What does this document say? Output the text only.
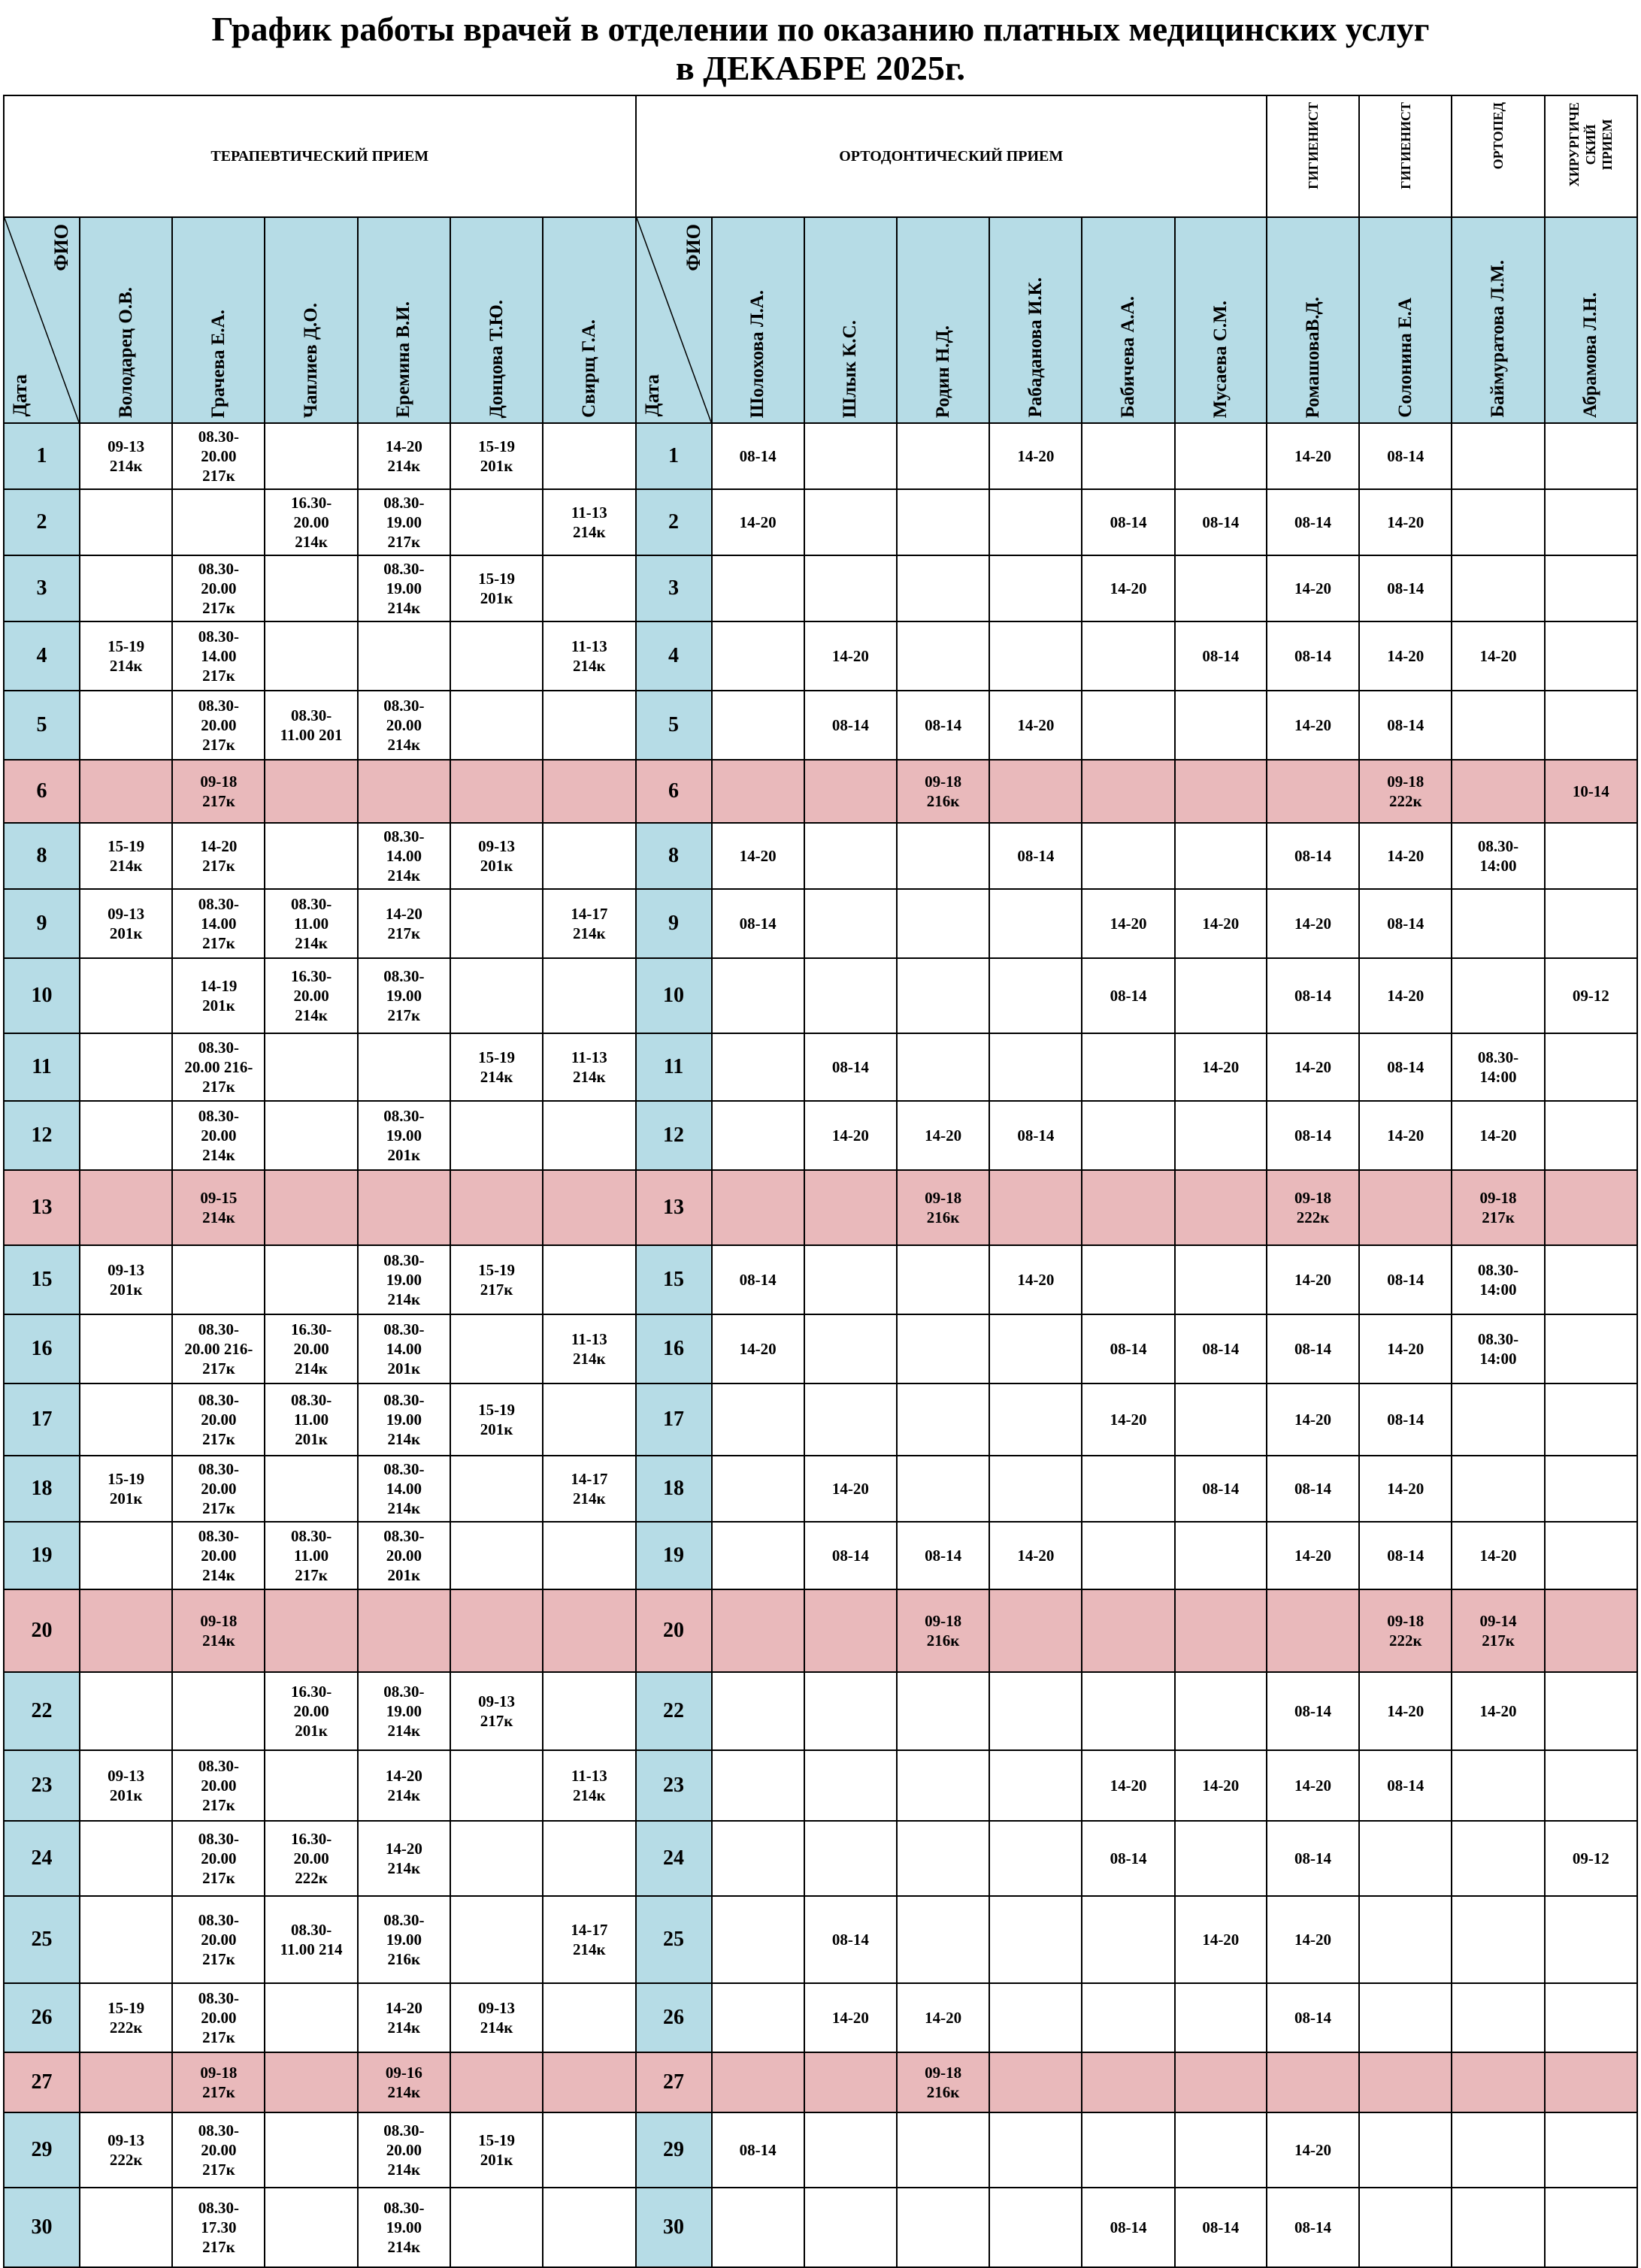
График работы врачей в отделении по оказанию платных медицинских услуг
в ДЕКАБРЕ 2025г.
ТЕРАПЕВТИЧЕСКИЙ ПРИЕМ							ОРТОДОНТИЧЕСКИЙ ПРИЕМ							ГИГИЕНИСТ	ГИГИЕНИСТ	ОРТОПЕД	ХИРУРГИЧЕ
СКИЙ
ПРИЕМ

ФИО
Дата	Володарец О.В.	Грачева Е.А.	Чаплиев Д.О.	Еремина В.И.	Донцова Т.Ю.	Свирщ Г.А.	ФИО
Дата	Шолохова Л.А.	Шлык К.С.	Родин Н.Д.	Рабаданова И.К.	Бабичева А.А.	Мусаева С.М.	РомашоваВ.Д.	Солонина Е.А	Баймуратова Л.М.	Абрамова Л.Н.

1	09-13
214к	08.30-
20.00
217к		14-20
214к	15-19
201к		1	08-14			14-20			14-20	08-14		
2			16.30-
20.00
214к	08.30-
19.00
217к		11-13
214к	2	14-20				08-14	08-14	08-14	14-20		
3		08.30-
20.00
217к		08.30-
19.00
214к	15-19
201к		3					14-20		14-20	08-14		
4	15-19
214к	08.30-
14.00
217к				11-13
214к	4		14-20				08-14	08-14	14-20	14-20	
5		08.30-
20.00
217к	08.30-
11.00 201	08.30-
20.00
214к			5		08-14	08-14	14-20			14-20	08-14		
6		09-18
217к					6			09-18
216к					09-18
222к		10-14
8	15-19
214к	14-20
217к		08.30-
14.00
214к	09-13
201к		8	14-20			08-14			08-14	14-20	08.30-
14:00	
9	09-13
201к	08.30-
14.00
217к	08.30-
11.00
214к	14-20
217к		14-17
214к	9	08-14				14-20	14-20	14-20	08-14		
10		14-19
201к	16.30-
20.00
214к	08.30-
19.00
217к			10					08-14		08-14	14-20		09-12
11		08.30-
20.00 216-
217к			15-19
214к	11-13
214к	11		08-14				14-20	14-20	08-14	08.30-
14:00	
12		08.30-
20.00
214к		08.30-
19.00
201к			12		14-20	14-20	08-14			08-14	14-20	14-20	
13		09-15
214к					13			09-18
216к				09-18
222к		09-18
217к	
15	09-13
201к			08.30-
19.00
214к	15-19
217к		15	08-14			14-20			14-20	08-14	08.30-
14:00	
16		08.30-
20.00 216-
217к	16.30-
20.00
214к	08.30-
14.00
201к		11-13
214к	16	14-20				08-14	08-14	08-14	14-20	08.30-
14:00	
17		08.30-
20.00
217к	08.30-
11.00
201к	08.30-
19.00
214к	15-19
201к		17					14-20		14-20	08-14		
18	15-19
201к	08.30-
20.00
217к		08.30-
14.00
214к		14-17
214к	18		14-20				08-14	08-14	14-20		
19		08.30-
20.00
214к	08.30-
11.00
217к	08.30-
20.00
201к			19		08-14	08-14	14-20			14-20	08-14	14-20	
20		09-18
214к					20			09-18
216к					09-18
222к	09-14
217к	
22			16.30-
20.00
201к	08.30-
19.00
214к	09-13
217к		22							08-14	14-20	14-20	
23	09-13
201к	08.30-
20.00
217к		14-20
214к		11-13
214к	23					14-20	14-20	14-20	08-14		
24		08.30-
20.00
217к	16.30-
20.00
222к	14-20
214к			24					08-14		08-14			09-12
25		08.30-
20.00
217к	08.30-
11.00 214	08.30-
19.00
216к		14-17
214к	25		08-14				14-20	14-20			
26	15-19
222к	08.30-
20.00
217к		14-20
214к	09-13
214к		26		14-20	14-20				08-14			
27		09-18
217к		09-16
214к			27			09-18
216к							
29	09-13
222к	08.30-
20.00
217к		08.30-
20.00
214к	15-19
201к		29	08-14						14-20			
30		08.30-
17.30
217к		08.30-
19.00
214к			30					08-14	08-14	08-14			
